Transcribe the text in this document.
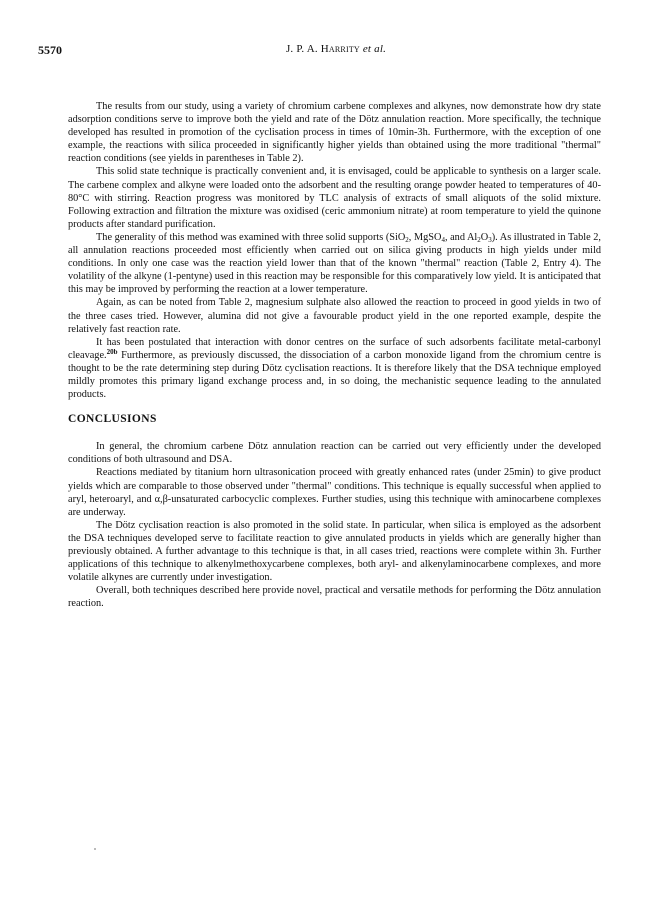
5570	J. P. A. Harrity et al.

The results from our study, using a variety of chromium carbene complexes and alkynes, now demonstrate how dry state adsorption conditions serve to improve both the yield and rate of the Dötz annulation reaction. More specifically, the technique developed has resulted in promotion of the cyclisation process in times of 10min-3h. Furthermore, with the exception of one example, the reactions with silica proceeded in significantly higher yields than obtained using the more traditional "thermal" reaction conditions (see yields in parentheses in Table 2).

This solid state technique is practically convenient and, it is envisaged, could be applicable to synthesis on a larger scale. The carbene complex and alkyne were loaded onto the adsorbent and the resulting orange powder heated to temperatures of 40-80°C with stirring. Reaction progress was monitored by TLC analysis of extracts of small aliquots of the solid mixture. Following extraction and filtration the mixture was oxidised (ceric ammonium nitrate) at room temperature to yield the quinone products after standard purification.

The generality of this method was examined with three solid supports (SiO$_2$, MgSO$_4$, and $Al_2O_3$). As illustrated in Table 2, all annulation reactions proceeded most efficiently when carried out on silica giving products in high yields under mild conditions. In only one case was the reaction yield lower than that of the known "thermal" reaction (Table 2, Entry 4). The volatility of the alkyne (1-pentyne) used in this reaction may be responsible for this comparatively low yield. It is anticipated that this may be improved by performing the reaction at a lower temperature.

Again, as can be noted from Table 2, magnesium sulphate also allowed the reaction to proceed in good yields in two of the three cases tried. However, alumina did not give a favourable product yield in the one reported example, despite the relatively fast reaction rate.

It has been postulated that interaction with donor centres on the surface of such adsorbents facilitate metal-carbonyl cleavage.$^{20b}$ Furthermore, as previously discussed, the dissociation of a carbon monoxide ligand from the chromium centre is thought to be the rate determining step during Dötz cyclisation reactions. It is therefore likely that the DSA technique employed mildly promotes this primary ligand exchange process and, in so doing, the mechanistic sequence leading to the annulated products.

CONCLUSIONS

In general, the chromium carbene Dötz annulation reaction can be carried out very efficiently under the developed conditions of both ultrasound and DSA.

Reactions mediated by titanium horn ultrasonication proceed with greatly enhanced rates (under 25min) to give product yields which are comparable to those observed under "thermal" conditions. This technique is equally successful when applied to aryl, heteroaryl, and α,β-unsaturated carbocyclic complexes. Further studies, using this technique with aminocarbene complexes are underway.

The Dötz cyclisation reaction is also promoted in the solid state. In particular, when silica is employed as the adsorbent the DSA techniques developed serve to facilitate reaction to give annulated products in yields which are generally higher than previously obtained. A further advantage to this technique is that, in all cases tried, reactions were complete within 3h. Further applications of this technique to alkenylmethoxycarbene complexes, both aryl- and alkenylaminocarbene complexes, and more volatile alkynes are currently under investigation.

Overall, both techniques described here provide novel, practical and versatile methods for performing the Dötz annulation reaction.
